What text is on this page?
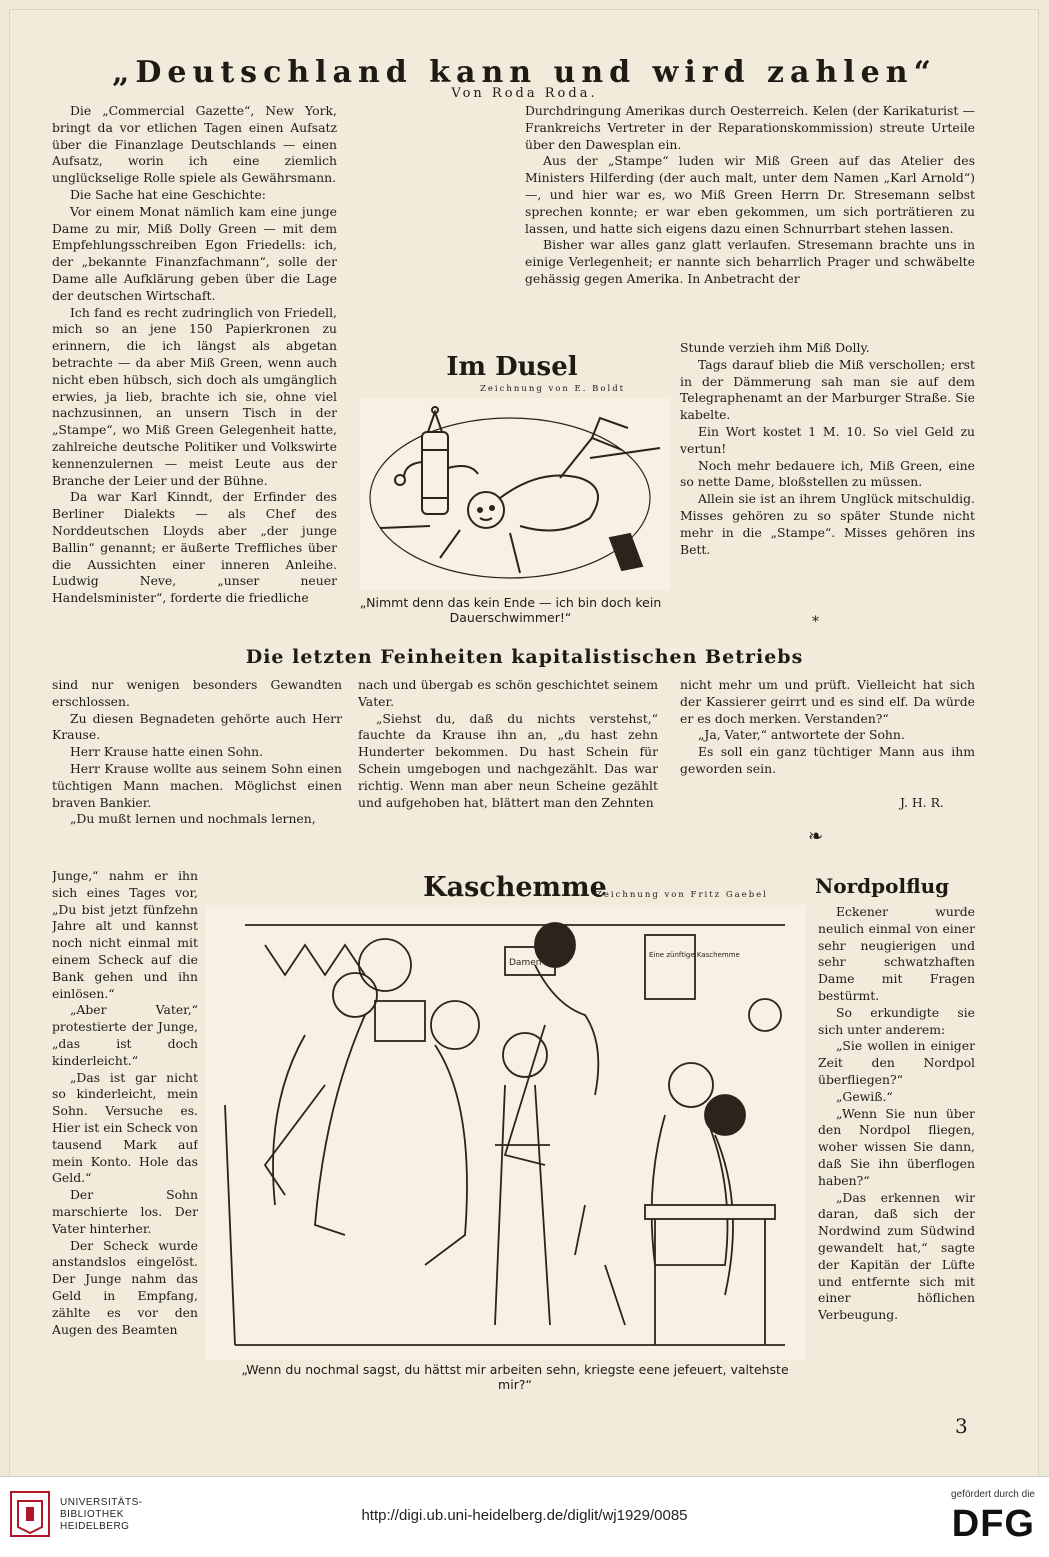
„Deutschland kann und wird zahlen“
Von Roda Roda.

Die „Commercial Gazette“, New York, bringt da vor etlichen Tagen einen Aufsatz über die Finanzlage Deutschlands — einen Aufsatz, worin ich eine ziemlich unglückselige Rolle spiele als Gewährsmann.

Die Sache hat eine Geschichte:

Vor einem Monat nämlich kam eine junge Dame zu mir, Miß Dolly Green — mit dem Empfehlungsschreiben Egon Friedells: ich, der „bekannte Finanzfachmann“, solle der Dame alle Aufklärung geben über die Lage der deutschen Wirtschaft.

Ich fand es recht zudringlich von Friedell, mich so an jene 150 Papierkronen zu erinnern, die ich längst als abgetan betrachte — da aber Miß Green, wenn auch nicht eben hübsch, sich doch als umgänglich erwies, ja lieb, brachte ich sie, ohne viel nachzusinnen, an unsern Tisch in der „Stampe“, wo Miß Green Gelegenheit hatte, zahlreiche deutsche Politiker und Volkswirte kennenzulernen — meist Leute aus der Branche der Leier und der Bühne.

Da war Karl Kinndt, der Erfinder des Berliner Dialekts — als Chef des Norddeutschen Lloyds aber „der junge Ballin“ genannt; er äußerte Treffliches über die Aussichten einer inneren Anleihe. Ludwig Neve, „unser neuer Handelsminister“, forderte die friedliche

Durchdringung Amerikas durch Oesterreich. Kelen (der Karikaturist — Frankreichs Vertreter in der Reparationskommission) streute Urteile über den Dawesplan ein.

Aus der „Stampe“ luden wir Miß Green auf das Atelier des Ministers Hilferding (der auch malt, unter dem Namen „Karl Arnold“) —, und hier war es, wo Miß Green Herrn Dr. Stresemann selbst sprechen konnte; er war eben gekommen, um sich porträtieren zu lassen, und hatte sich eigens dazu einen Schnurrbart stehen lassen.

Bisher war alles ganz glatt verlaufen. Stresemann brachte uns in einige Verlegenheit; er nannte sich beharrlich Prager und schwäbelte gehässig gegen Amerika. In Anbetracht der

Stunde verzieh ihm Miß Dolly.

Tags darauf blieb die Miß verschollen; erst in der Dämmerung sah man sie auf dem Telegraphenamt an der Marburger Straße. Sie kabelte.

Ein Wort kostet 1 M. 10. So viel Geld zu vertun!

Noch mehr bedauere ich, Miß Green, eine so nette Dame, bloßstellen zu müssen.

Allein sie ist an ihrem Unglück mitschuldig. Misses gehören zu so später Stunde nicht mehr in die „Stampe“. Misses gehören ins Bett.

*
Im Dusel
Zeichnung von E. Boldt
„Nimmt denn das kein Ende — ich bin doch kein Dauerschwimmer!“
Die letzten Feinheiten kapitalistischen Betriebs

sind nur wenigen besonders Gewandten erschlossen.

Zu diesen Begnadeten gehörte auch Herr Krause.

Herr Krause hatte einen Sohn.

Herr Krause wollte aus seinem Sohn einen tüchtigen Mann machen. Möglichst einen braven Bankier.

„Du mußt lernen und nochmals lernen,

Junge,“ nahm er ihn sich eines Tages vor, „Du bist jetzt fünfzehn Jahre alt und kannst noch nicht einmal mit einem Scheck auf die Bank gehen und ihn einlösen.“

„Aber Vater,“ protestierte der Junge, „das ist doch kinderleicht.“

„Das ist gar nicht so kinderleicht, mein Sohn. Versuche es. Hier ist ein Scheck von tausend Mark auf mein Konto. Hole das Geld.“

Der Sohn marschierte los. Der Vater hinterher.

Der Scheck wurde anstandslos eingelöst. Der Junge nahm das Geld in Empfang, zählte es vor den Augen des Beamten

nach und übergab es schön geschichtet seinem Vater.

„Siehst du, daß du nichts verstehst,“ fauchte da Krause ihn an, „du hast zehn Hunderter bekommen. Du hast Schein für Schein umgebogen und nachgezählt. Das war richtig. Wenn man aber neun Scheine gezählt und aufgehoben hat, blättert man den Zehnten

nicht mehr um und prüft. Vielleicht hat sich der Kassierer geirrt und es sind elf. Da würde er es doch merken. Verstanden?“

„Ja, Vater,“ antwortete der Sohn.

Es soll ein ganz tüchtiger Mann aus ihm geworden sein.

J. H. R.
❧
Kaschemme
Zeichnung von Fritz Gaebel
Damen
Eine zünftige Kaschemme
„Wenn du nochmal sagst, du hättst mir arbeiten sehn, kriegste eene jefeuert, valtehste mir?“
Nordpolflug

Eckener wurde neulich einmal von einer sehr neugierigen und sehr schwatzhaften Dame mit Fragen bestürmt.

So erkundigte sie sich unter anderem:

„Sie wollen in einiger Zeit den Nordpol überfliegen?“

„Gewiß.“

„Wenn Sie nun über den Nordpol fliegen, woher wissen Sie dann, daß Sie ihn überflogen haben?“

„Das erkennen wir daran, daß sich der Nordwind zum Südwind gewandelt hat,“ sagte der Kapitän der Lüfte und entfernte sich mit einer höflichen Verbeugung.

3
UNIVERSITÄTS-
BIBLIOTHEK
HEIDELBERG
http://digi.ub.uni-heidelberg.de/diglit/wj1929/0085
gefördert durch die
DFG
